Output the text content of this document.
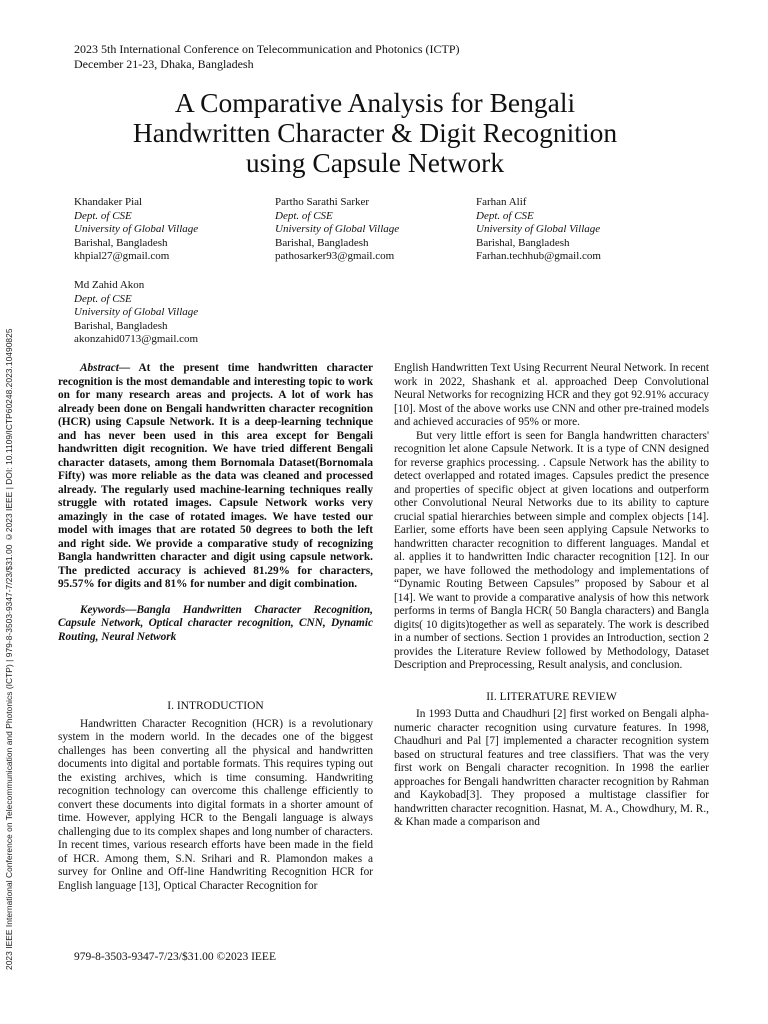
2023 5th International Conference on Telecommunication and Photonics (ICTP)
December 21-23, Dhaka, Bangladesh
A Comparative Analysis for Bengali
Handwritten Character & Digit Recognition
using Capsule Network
Khandaker Pial
Dept. of CSE
University of Global Village
Barishal, Bangladesh
khpial27@gmail.com
Partho Sarathi Sarker
Dept. of CSE
University of Global Village
Barishal, Bangladesh
pathosarker93@gmail.com
Farhan Alif
Dept. of CSE
University of Global Village
Barishal, Bangladesh
Farhan.techhub@gmail.com
Md Zahid Akon
Dept. of CSE
University of Global Village
Barishal, Bangladesh
akonzahid0713@gmail.com
2023 IEEE International Conference on Telecommunication and Photonics (ICTP) | 979-8-3503-9347-7/23/$31.00 ©2023 IEEE | DOI: 10.1109/ICTP60248.2023.10490825	Abstract— At the present time handwritten character recognition is the most demandable and interesting topic to work on for many research areas and projects. A lot of work has already been done on Bengali handwritten character recognition (HCR) using Capsule Network. It is a deep-learning technique and has never been used in this area except for Bengali handwritten digit recognition. We have tried different Bengali character datasets, among them Bornomala Dataset(Bornomala Fifty) was more reliable as the data was cleaned and processed already. The regularly used machine-learning techniques really struggle with rotated images. Capsule Network works very amazingly in the case of rotated images. We have tested our model with images that are rotated 50 degrees to both the left and right side. We provide a comparative study of recognizing Bangla handwritten character and digit using capsule network. The predicted accuracy is achieved 81.29% for characters, 95.57% for digits and 81% for number and digit combination.

Keywords—Bangla Handwritten Character Recognition, Capsule Network, Optical character recognition, CNN, Dynamic Routing, Neural Network

I. INTRODUCTION

Handwritten Character Recognition (HCR) is a revolutionary system in the modern world. In the decades one of the biggest challenges has been converting all the physical and handwritten documents into digital and portable formats. This requires typing out the existing archives, which is time consuming. Handwriting recognition technology can overcome this challenge efficiently to convert these documents into digital formats in a shorter amount of time. However, applying HCR to the Bengali language is always challenging due to its complex shapes and long number of characters. In recent times, various research efforts have been made in the field of HCR. Among them, S.N. Srihari and R. Plamondon makes a survey for Online and Off-line Handwriting Recognition HCR for English language [13], Optical Character Recognition for

English Handwritten Text Using Recurrent Neural Network. In recent work in 2022, Shashank et al. approached Deep Convolutional Neural Networks for recognizing HCR and they got 92.91% accuracy [10]. Most of the above works use CNN and other pre-trained models and achieved accuracies of 95% or more.

But very little effort is seen for Bangla handwritten characters' recognition let alone Capsule Network. It is a type of CNN designed for reverse graphics processing. . Capsule Network has the ability to detect overlapped and rotated images. Capsules predict the presence and properties of specific object at given locations and outperform other Convolutional Neural Networks due to its ability to capture crucial spatial hierarchies between simple and complex objects [14]. Earlier, some efforts have been seen applying Capsule Networks to handwritten character recognition to different languages. Mandal et al. applies it to handwritten Indic character recognition [12]. In our paper, we have followed the methodology and implementations of “Dynamic Routing Between Capsules” proposed by Sabour et al [14]. We want to provide a comparative analysis of how this network performs in terms of Bangla HCR( 50 Bangla characters) and Bangla digits( 10 digits)together as well as separately. The work is described in a number of sections. Section 1 provides an Introduction, section 2 provides the Literature Review followed by Methodology, Dataset Description and Preprocessing, Result analysis, and conclusion.

II. LITERATURE REVIEW

In 1993 Dutta and Chaudhuri [2] first worked on Bengali alpha-numeric character recognition using curvature features. In 1998, Chaudhuri and Pal [7] implemented a character recognition system based on structural features and tree classifiers. That was the very first work on Bengali character recognition. In 1998 the earlier approaches for Bengali handwritten character recognition by Rahman and Kaykobad[3]. They proposed a multistage classifier for handwritten character recognition. Hasnat, M. A., Chowdhury, M. R., & Khan made a comparison and

979-8-3503-9347-7/23/$31.00 ©2023 IEEE
